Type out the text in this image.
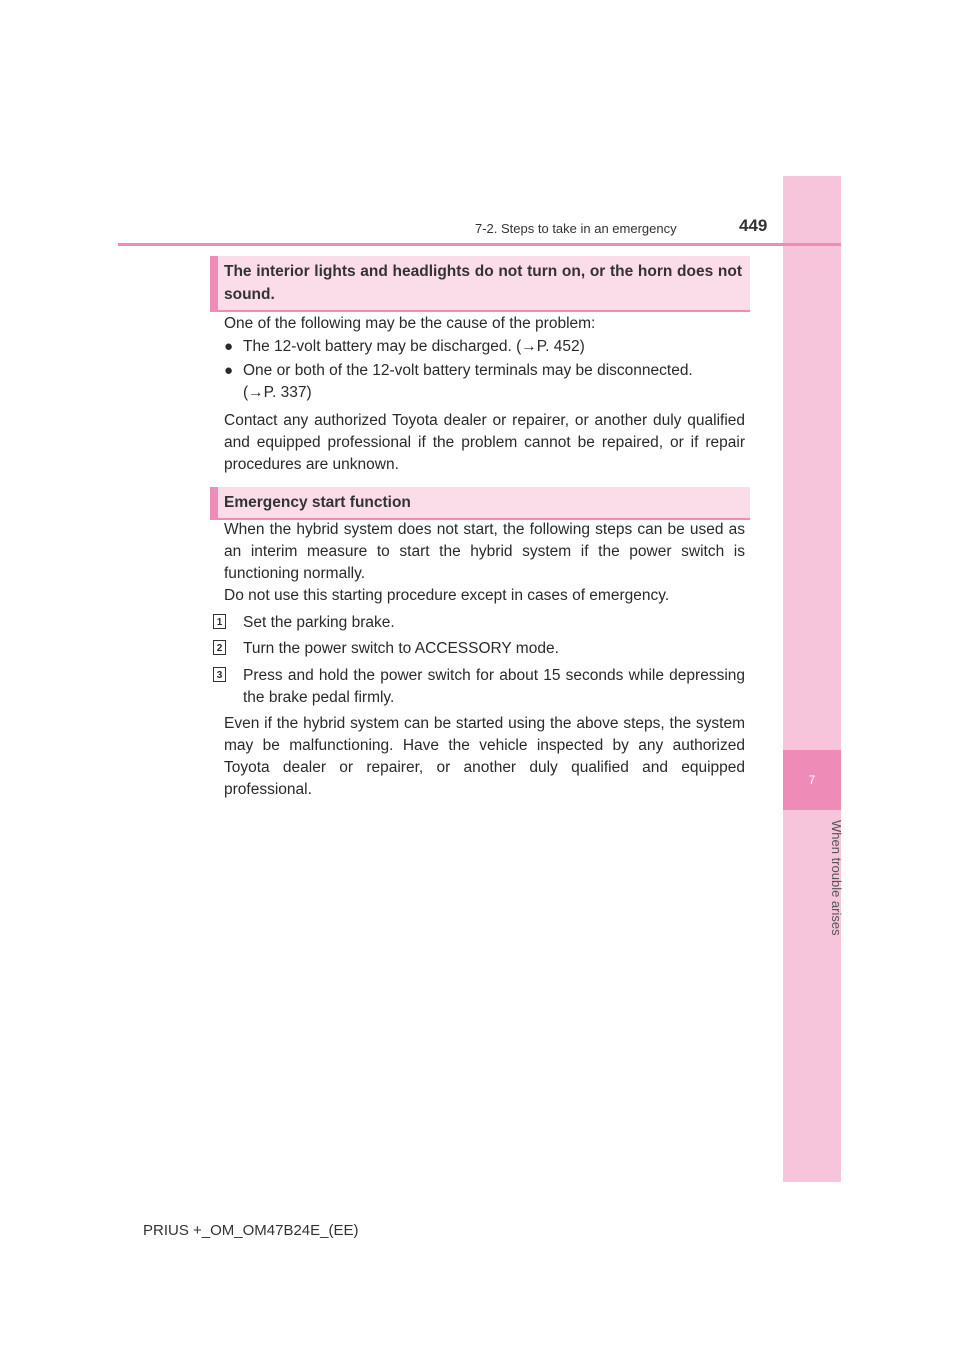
7
When trouble arises
7-2. Steps to take in an emergency	449
The interior lights and headlights do not turn on, or the horn does not sound.

One of the following may be the cause of the problem:

● The 12-volt battery may be discharged. (→P. 452)
● One or both of the 12-volt battery terminals may be disconnected.
(→P. 337)

Contact any authorized Toyota dealer or repairer, or another duly qualified and equipped professional if the problem cannot be repaired, or if repair procedures are unknown.

Emergency start function

When the hybrid system does not start, the following steps can be used as an interim measure to start the hybrid system if the power switch is functioning normally.

Do not use this starting procedure except in cases of emergency.

1 Set the parking brake.
2 Turn the power switch to ACCESSORY mode.
3 Press and hold the power switch for about 15 seconds while depressing the brake pedal firmly.

Even if the hybrid system can be started using the above steps, the system may be malfunctioning. Have the vehicle inspected by any authorized Toyota dealer or repairer, or another duly qualified and equipped professional.

PRIUS +_OM_OM47B24E_(EE)
